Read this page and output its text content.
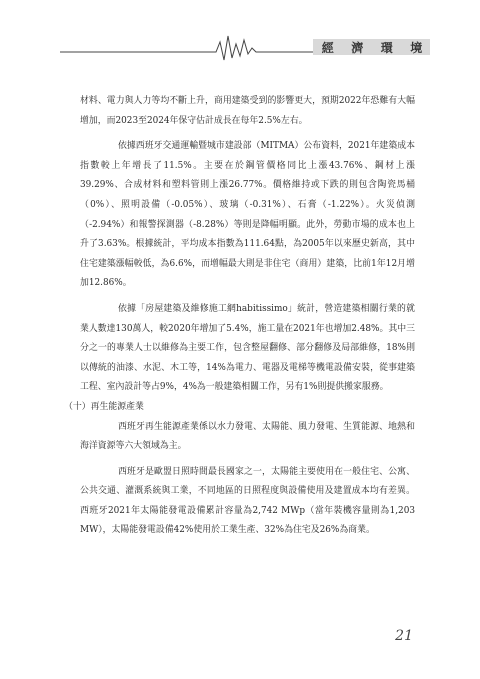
經 濟 環 境

材料、電力與人力等均不斷上升，商用建築受到的影響更大，預期2022年恐難有大幅增加，而2023至2024年保守估計成長在每年2.5%左右。

依據西班牙交通運輸暨城市建設部（MITMA）公布資料，2021年建築成本指數較上年增長了11.5%。主要在於鋼管價格同比上漲43.76%、鋼材上漲39.29%、合成材料和塑料管則上漲26.77%。價格維持或下跌的則包含陶瓷馬桶（0%）、照明設備（-0.05%）、玻璃（-0.31%）、石膏（-1.22%）。火災偵測（-2.94%）和報警探測器（-8.28%）等則是降幅明顯。此外，勞動市場的成本也上升了3.63%。根據統計，平均成本指數為111.64點，為2005年以來歷史新高，其中住宅建築漲幅較低，為6.6%，而增幅最大則是非住宅（商用）建築，比前1年12月增加12.86%。

依據「房屋建築及維修施工網habitissimo」統計，營造建築相關行業的就業人數達130萬人，較2020年增加了5.4%，施工量在2021年也增加2.48%。其中三分之一的專業人士以維修為主要工作，包含整屋翻修、部分翻修及局部維修，18%則以傳統的油漆、水泥、木工等，14%為電力、電器及電梯等機電設備安裝，從事建築工程、室內設計等占9%，4%為一般建築相關工作，另有1%則提供搬家服務。

（十）再生能源產業

西班牙再生能源產業係以水力發電、太陽能、風力發電、生質能源、地熱和海洋資源等六大領域為主。

西班牙是歐盟日照時間最長國家之一，太陽能主要使用在一般住宅、公寓、公共交通、灌溉系統與工業，不同地區的日照程度與設備使用及建置成本均有差異。西班牙2021年太陽能發電設備累計容量為2,742 MWp（當年裝機容量則為1,203 MW），太陽能發電設備42%使用於工業生產、32%為住宅及26%為商業。

21
